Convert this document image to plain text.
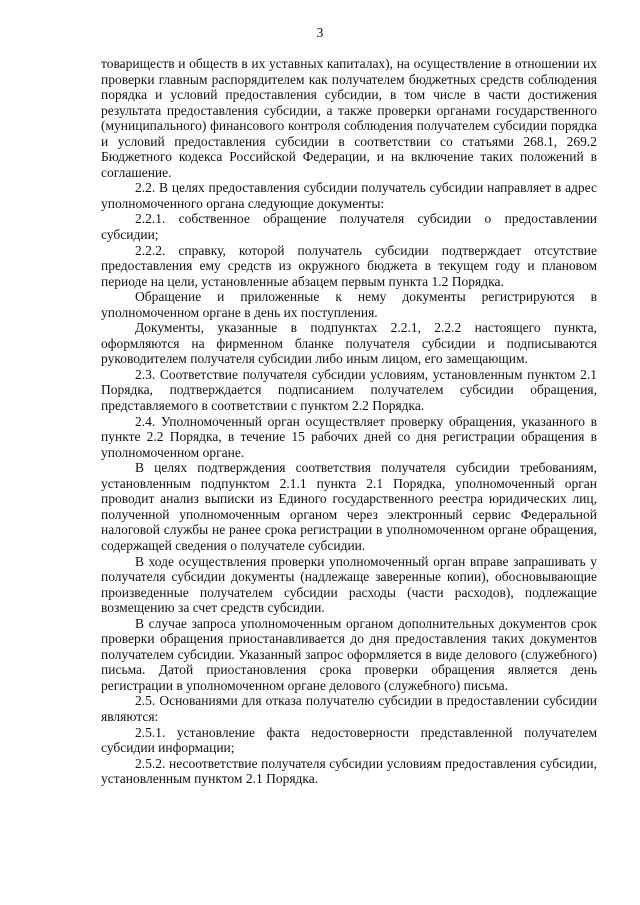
3

товариществ и обществ в их уставных капиталах), на осуществление в отношении их проверки главным распорядителем как получателем бюджетных средств соблюдения порядка и условий предоставления субсидии, в том числе в части достижения результата предоставления субсидии, а также проверки органами государственного (муниципального) финансового контроля соблюдения получателем субсидии порядка и условий предоставления субсидии в соответствии со статьями 268.1, 269.2 Бюджетного кодекса Российской Федерации, и на включение таких положений в соглашение.

2.2. В целях предоставления субсидии получатель субсидии направляет в адрес уполномоченного органа следующие документы:

2.2.1. собственное обращение получателя субсидии о предоставлении субсидии;

2.2.2. справку, которой получатель субсидии подтверждает отсутствие предоставления ему средств из окружного бюджета в текущем году и плановом периоде на цели, установленные абзацем первым пункта 1.2 Порядка.

Обращение и приложенные к нему документы регистрируются в уполномоченном органе в день их поступления.

Документы, указанные в подпунктах 2.2.1, 2.2.2 настоящего пункта, оформляются на фирменном бланке получателя субсидии и подписываются руководителем получателя субсидии либо иным лицом, его замещающим.

2.3. Соответствие получателя субсидии условиям, установленным пунктом 2.1 Порядка, подтверждается подписанием получателем субсидии обращения, представляемого в соответствии с пунктом 2.2 Порядка.

2.4. Уполномоченный орган осуществляет проверку обращения, указанного в пункте 2.2 Порядка, в течение 15 рабочих дней со дня регистрации обращения в уполномоченном органе.

В целях подтверждения соответствия получателя субсидии требованиям, установленным подпунктом 2.1.1 пункта 2.1 Порядка, уполномоченный орган проводит анализ выписки из Единого государственного реестра юридических лиц, полученной уполномоченным органом через электронный сервис Федеральной налоговой службы не ранее срока регистрации в уполномоченном органе обращения, содержащей сведения о получателе субсидии.

В ходе осуществления проверки уполномоченный орган вправе запрашивать у получателя субсидии документы (надлежаще заверенные копии), обосновывающие произведенные получателем субсидии расходы (части расходов), подлежащие возмещению за счет средств субсидии.

В случае запроса уполномоченным органом дополнительных документов срок проверки обращения приостанавливается до дня предоставления таких документов получателем субсидии. Указанный запрос оформляется в виде делового (служебного) письма. Датой приостановления срока проверки обращения является день регистрации в уполномоченном органе делового (служебного) письма.

2.5. Основаниями для отказа получателю субсидии в предоставлении субсидии являются:

2.5.1. установление факта недостоверности представленной получателем субсидии информации;

2.5.2. несоответствие получателя субсидии условиям предоставления субсидии, установленным пунктом 2.1 Порядка.
